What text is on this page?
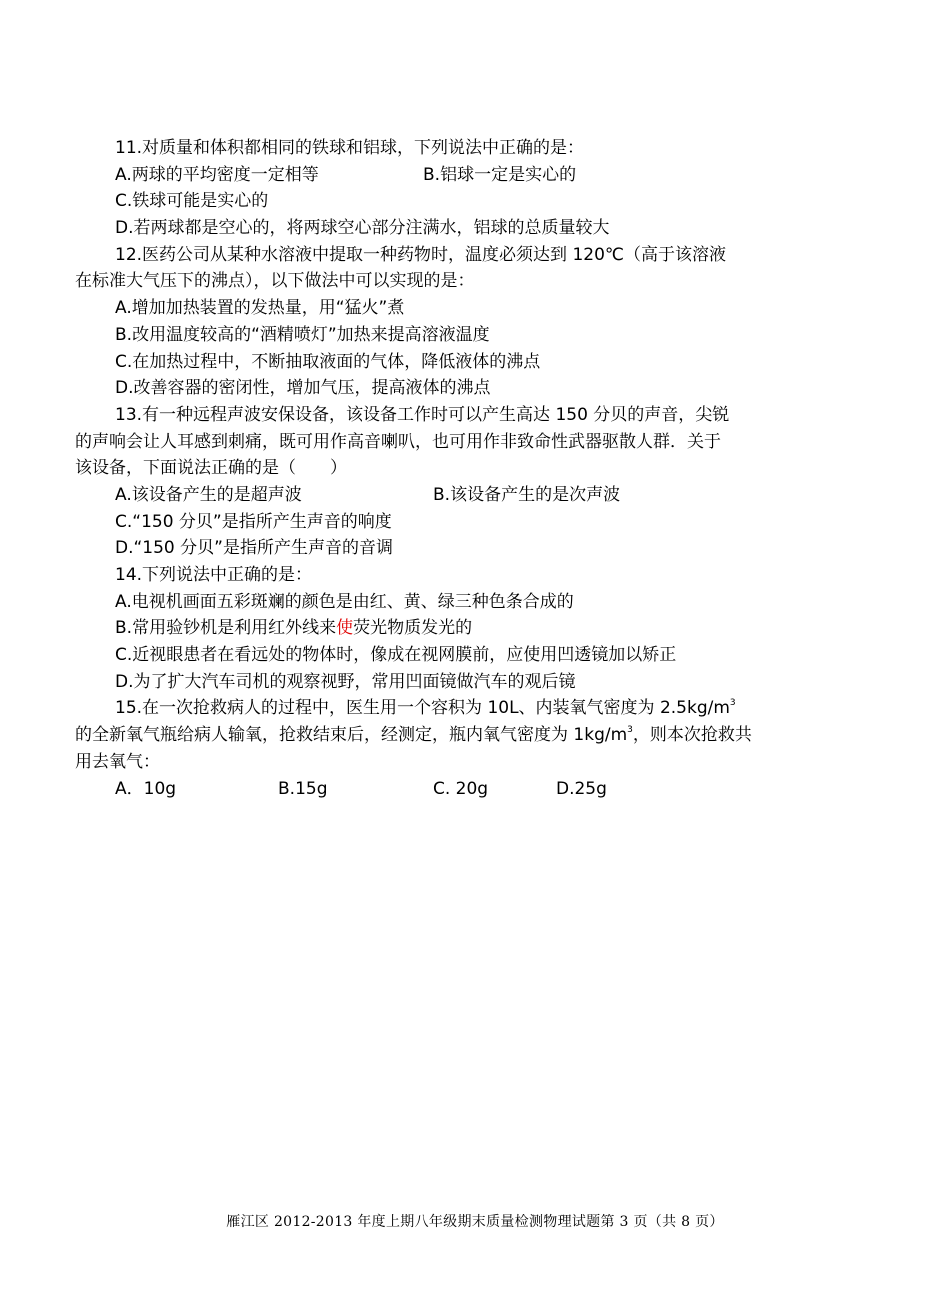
11.对质量和体积都相同的铁球和铝球，下列说法中正确的是：
A.两球的平均密度一定相等	B.铝球一定是实心的
C.铁球可能是实心的
D.若两球都是空心的，将两球空心部分注满水，铝球的总质量较大
12.医药公司从某种水溶液中提取一种药物时，温度必须达到 120℃（高于该溶液
在标准大气压下的沸点），以下做法中可以实现的是：
A.增加加热装置的发热量，用“猛火”煮
B.改用温度较高的“酒精喷灯”加热来提高溶液温度
C.在加热过程中，不断抽取液面的气体，降低液体的沸点
D.改善容器的密闭性，增加气压，提高液体的沸点
13.有一种远程声波安保设备，该设备工作时可以产生高达 150 分贝的声音，尖锐
的声响会让人耳感到刺痛，既可用作高音喇叭，也可用作非致命性武器驱散人群．关于
该设备，下面说法正确的是（　　）
A.该设备产生的是超声波	B.该设备产生的是次声波
C.“150 分贝”是指所产生声音的响度
D.“150 分贝”是指所产生声音的音调
14.下列说法中正确的是：
A.电视机画面五彩斑斓的颜色是由红、黄、绿三种色条合成的
B.常用验钞机是利用红外线来使荧光物质发光的
C.近视眼患者在看远处的物体时，像成在视网膜前，应使用凹透镜加以矫正
D.为了扩大汽车司机的观察视野，常用凹面镜做汽车的观后镜
15.在一次抢救病人的过程中，医生用一个容积为 10L、内装氧气密度为 $2.5kg/m^3$
的全新氧气瓶给病人输氧，抢救结束后，经测定，瓶内氧气密度为 $1kg/m^3$，则本次抢救共
用去氧气：
A．10g	B.15g	C. 20g	D.25g
雁江区 2012-2013 年度上期八年级期末质量检测物理试题第 3 页（共 8 页）
